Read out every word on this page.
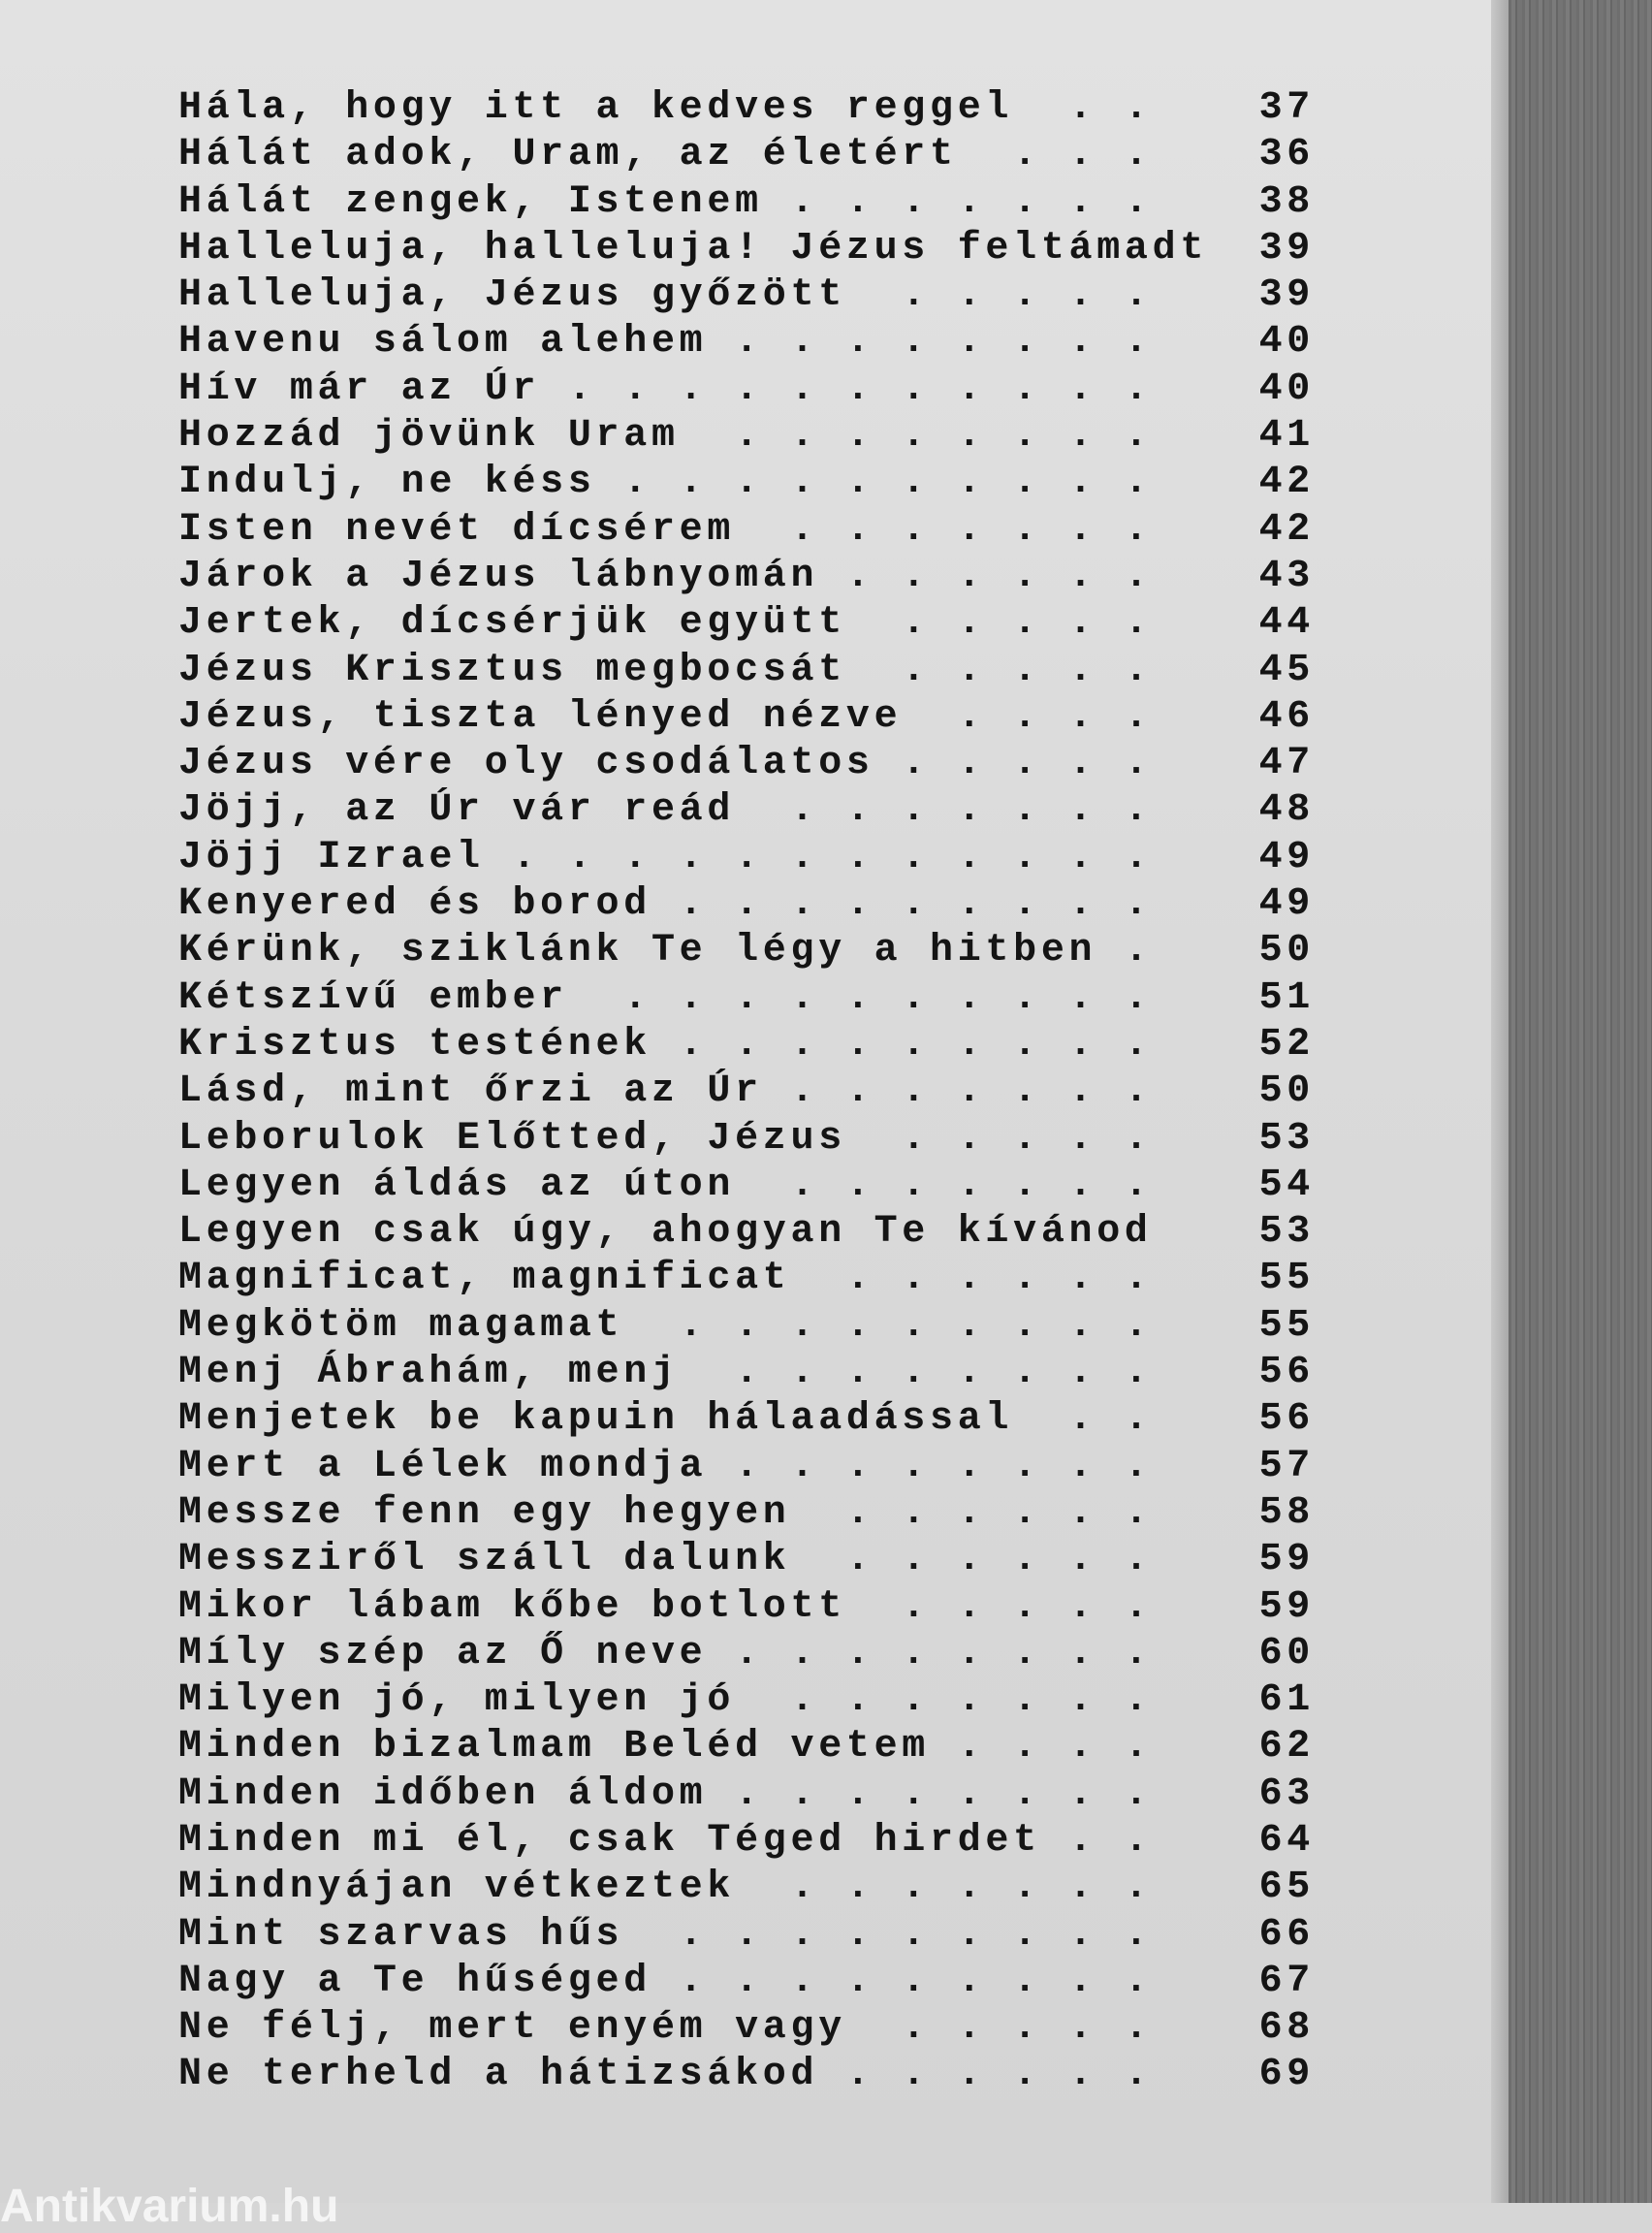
Hála, hogy itt a kedves reggel  . . 37
Hálát adok, Uram, az életért  . . . 36
Hálát zengek, Istenem . . . . . . . 38
Halleluja, halleluja! Jézus feltámadt 39
Halleluja, Jézus győzött  . . . . . 39
Havenu sálom alehem . . . . . . . . 40
Hív már az Úr . . . . . . . . . . . 40
Hozzád jövünk Uram  . . . . . . . . 41
Indulj, ne késs . . . . . . . . . . 42
Isten nevét dícsérem  . . . . . . . 42
Járok a Jézus lábnyomán . . . . . . 43
Jertek, dícsérjük együtt  . . . . . 44
Jézus Krisztus megbocsát  . . . . . 45
Jézus, tiszta lényed nézve  . . . . 46
Jézus vére oly csodálatos . . . . . 47
Jöjj, az Úr vár reád  . . . . . . . 48
Jöjj Izrael . . . . . . . . . . . . 49
Kenyered és borod . . . . . . . . . 49
Kérünk, sziklánk Te légy a hitben . 50
Kétszívű ember  . . . . . . . . . . 51
Krisztus testének . . . . . . . . . 52
Lásd, mint őrzi az Úr . . . . . . . 50
Leborulok Előtted, Jézus  . . . . . 53
Legyen áldás az úton  . . . . . . . 54
Legyen csak úgy, ahogyan Te kívánod	53
Magnificat, magnificat  . . . . . . 55
Megkötöm magamat  . . . . . . . . . 55
Menj Ábrahám, menj  . . . . . . . . 56
Menjetek be kapuin hálaadással  . . 56
Mert a Lélek mondja . . . . . . . . 57
Messze fenn egy hegyen  . . . . . . 58
Messziről száll dalunk  . . . . . . 59
Mikor lábam kőbe botlott  . . . . . 59
Míly szép az Ő neve . . . . . . . . 60
Milyen jó, milyen jó  . . . . . . . 61
Minden bizalmam Beléd vetem . . . . 62
Minden időben áldom . . . . . . . . 63
Minden mi él, csak Téged hirdet . . 64
Mindnyájan vétkeztek  . . . . . . . 65
Mint szarvas hűs  . . . . . . . . . 66
Nagy a Te hűséged . . . . . . . . . 67
Ne félj, mert enyém vagy  . . . . . 68
Ne terheld a hátizsákod . . . . . . 69
Antikvarium.hu
